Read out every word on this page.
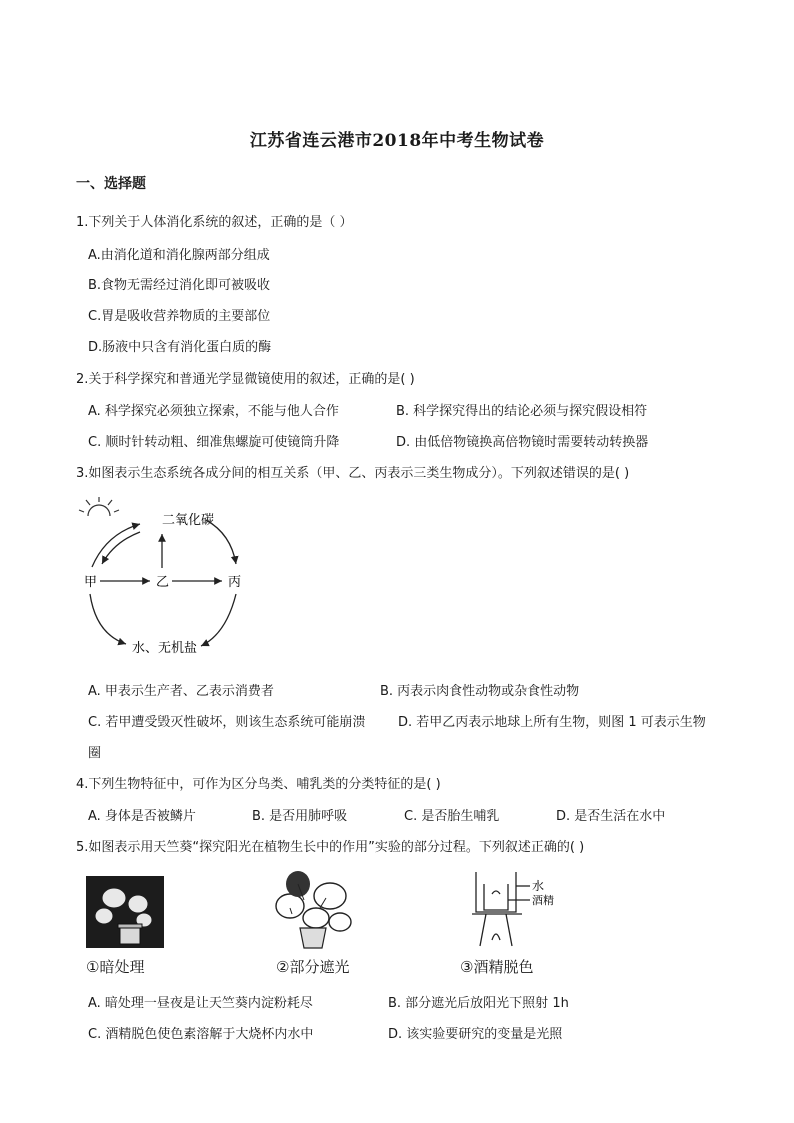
江苏省连云港市2018年中考生物试卷
一、选择题
1.下列关于人体消化系统的叙述，正确的是（ ）
A.由消化道和消化腺两部分组成
B.食物无需经过消化即可被吸收
C.胃是吸收营养物质的主要部位
D.肠液中只含有消化蛋白质的酶
2.关于科学探究和普通光学显微镜使用的叙述，正确的是( )
A. 科学探究必须独立探索，不能与他人合作	B. 科学探究得出的结论必须与探究假设相符
C. 顺时针转动粗、细准焦螺旋可使镜筒升降	D. 由低倍物镜换高倍物镜时需要转动转换器
3.如图表示生态系统各成分间的相互关系（甲、乙、丙表示三类生物成分）。下列叙述错误的是( )
二氧化碳
甲	乙	丙
水、无机盐
A. 甲表示生产者、乙表示消费者	B. 丙表示肉食性动物或杂食性动物
C. 若甲遭受毁灭性破坏，则该生态系统可能崩溃	D. 若甲乙丙表示地球上所有生物，则图 1 可表示生物
圈
4.下列生物特征中，可作为区分鸟类、哺乳类的分类特征的是( )
A. 身体是否被鳞片	B. 是否用肺呼吸	C. 是否胎生哺乳	D. 是否生活在水中
5.如图表示用天竺葵“探究阳光在植物生长中的作用”实验的部分过程。下列叙述正确的( )
①暗处理	②部分遮光
水
酒精
③酒精脱色
A. 暗处理一昼夜是让天竺葵内淀粉耗尽	B. 部分遮光后放阳光下照射 1h
C. 酒精脱色使色素溶解于大烧杯内水中	D. 该实验要研究的变量是光照
